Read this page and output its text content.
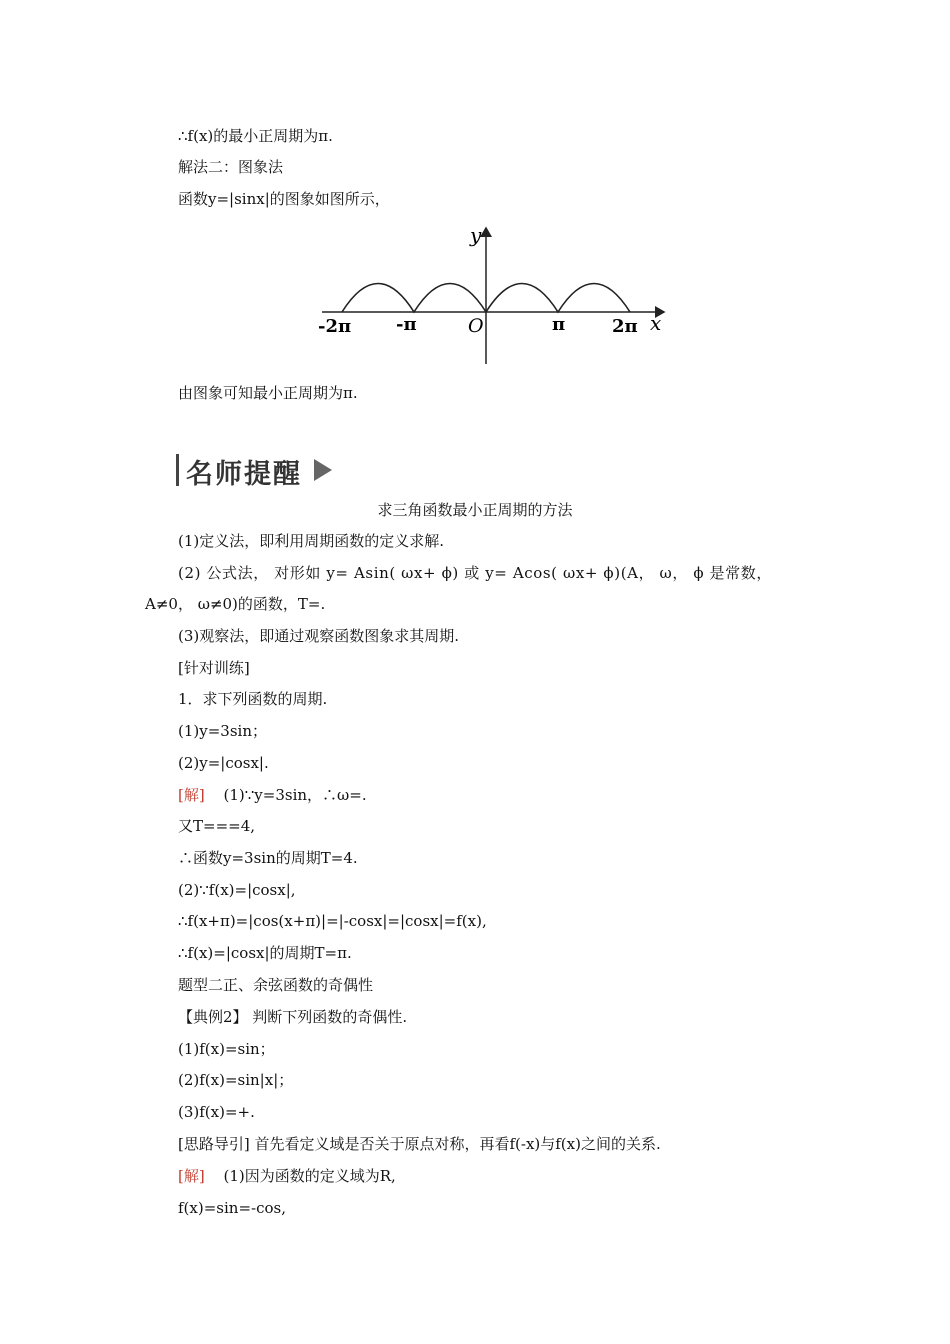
∴f(x)的最小正周期为π.
解法二：图象法
函数y=|sinx|的图象如图所示，
y
x
O
-2π -π	π	2π
由图象可知最小正周期为π.
名师提醒
求三角函数最小正周期的方法
(1)定义法，即利用周期函数的定义求解.
(2) 公式法， 对形如 y= Asin( ωx+ ϕ) 或 y= Acos( ωx+ ϕ)(A， ω， ϕ 是常数，
A≠0， ω≠0)的函数，T=.
(3)观察法，即通过观察函数图象求其周期.
[针对训练]
1．求下列函数的周期.
(1)y=3sin；
(2)y=|cosx|.
[解] (1)∵y=3sin，∴ω=.
又T===4,
∴函数y=3sin的周期T=4.
(2)∵f(x)=|cosx|,
∴f(x+π)=|cos(x+π)|=|-cosx|=|cosx|=f(x),
∴f(x)=|cosx|的周期T=π.
题型二正、余弦函数的奇偶性
【典例2】 判断下列函数的奇偶性.
(1)f(x)=sin；
(2)f(x)=sin|x|；
(3)f(x)=+.
[思路导引] 首先看定义域是否关于原点对称，再看f(-x)与f(x)之间的关系.
[解] (1)因为函数的定义域为R,
f(x)=sin=-cos,
